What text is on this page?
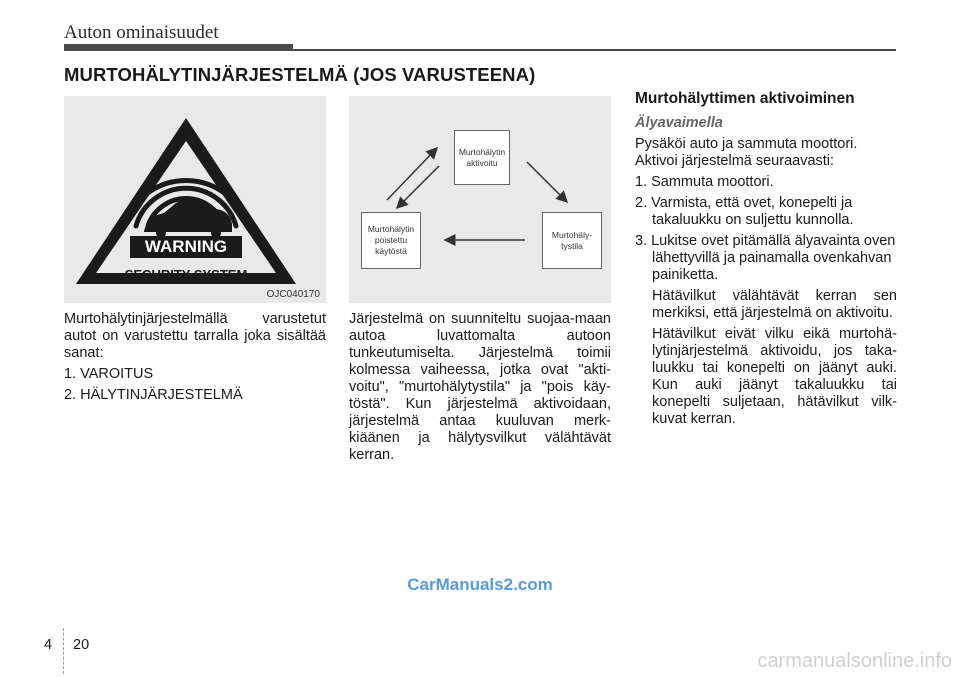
Auton ominaisuudet
MURTOHÄLYTINJÄRJESTELMÄ (JOS VARUSTEENA)
WARNING
SECURITY SYSTEM
OJC040170
Murtohälytin aktivoitu
Murtohäly-tystila
Murtohälytin poistettu käytöstä
Murtohälytinjärjestelmällä varustetut autot on varustettu tarralla joka sisältää sanat:
1. VAROITUS
2. HÄLYTINJÄRJESTELMÄ
Järjestelmä on suunniteltu suojaa-maan autoa luvattomalta autoon tunkeutumiselta. Järjestelmä toimii kolmessa vaiheessa, jotka ovat "akti-voitu", "murtohälytystila" ja "pois käy-töstä". Kun järjestelmä aktivoidaan, järjestelmä antaa kuuluvan merk-kiäänen ja hälytysvilkut välähtävät kerran.
Murtohälyttimen aktivoiminen
Älyavaimella
Pysäköi auto ja sammuta moottori. Aktivoi järjestelmä seuraavasti:
1. Sammuta moottori.
2. Varmista, että ovet, konepelti ja takaluukku on suljettu kunnolla.
3. Lukitse ovet pitämällä älyavainta oven lähettyvillä ja painamalla ovenkahvan painiketta.
Hätävilkut välähtävät kerran sen merkiksi, että järjestelmä on aktivoitu.
Hätävilkut eivät vilku eikä murtohä-lytinjärjestelmä aktivoidu, jos taka-luukku tai konepelti on jäänyt auki. Kun auki jäänyt takaluukku tai konepelti suljetaan, hätävilkut vilk-kuvat kerran.
CarManuals2.com
4 20
carmanualsonline.info
